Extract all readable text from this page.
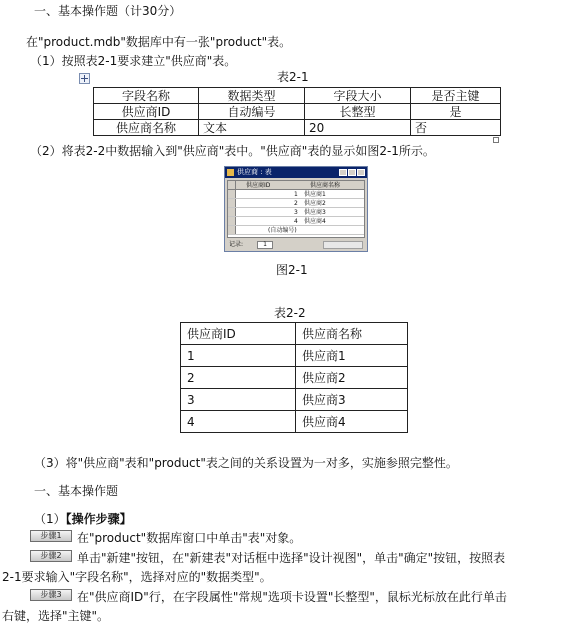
一、基本操作题（计30分）
在"product.mdb"数据库中有一张"product"表。
（1）按照表2-1要求建立"供应商"表。
表2-1
字段名称	数据类型	字段大小	是否主键
供应商ID	自动编号	长整型	是
供应商名称	文本	20	否
（2）将表2-2中数据输入到"供应商"表中。"供应商"表的显示如图2-1所示。
供应商 : 表
供应商ID	供应商名称
1 供应商1
2 供应商2
3 供应商3
4 供应商4
(自动编号)
记录:	1
图2-1
表2-2
供应商ID	供应商名称
1	供应商1
2	供应商2
3	供应商3
4	供应商4
（3）将"供应商"表和"product"表之间的关系设置为一对多，实施参照完整性。
一、基本操作题
（1）【操作步骤】
步骤1	在"product"数据库窗口中单击"表"对象。
步骤2	单击"新建"按钮，在"新建表"对话框中选择"设计视图"，单击"确定"按钮，按照表
2-1要求输入"字段名称"，选择对应的"数据类型"。
步骤3	在"供应商ID"行，在字段属性"常规"选项卡设置"长整型"，鼠标光标放在此行单击
右键，选择"主键"。
